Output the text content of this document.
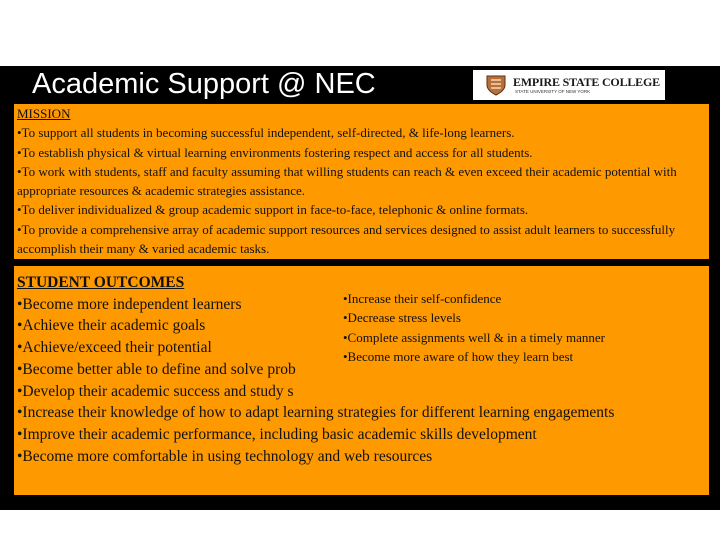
Academic Support @ NEC	EMPIRE STATE COLLEGE
STATE UNIVERSITY OF NEW YORK
MISSION
•To support all students in becoming successful independent, self-directed, & life-long learners.
•To establish physical & virtual learning environments fostering respect and access for all students.
•To work with students, staff and faculty assuming that willing students can reach & even exceed their academic potential with appropriate resources & academic strategies assistance.
•To deliver individualized & group academic support in face-to-face, telephonic & online formats.
•To provide a comprehensive array of academic support resources and services designed to assist adult learners to successfully accomplish their many & varied academic tasks.
STUDENT OUTCOMES
•Become more independent learners
•Achieve their academic goals
•Achieve/exceed their potential
•Become better able to define and solve prob
•Develop their academic success and study s
•Increase their knowledge of how to adapt learning strategies for different learning engagements
•Improve their academic performance, including basic academic skills development
•Become more comfortable in using technology and web resources
•Increase their self-confidence
•Decrease stress levels
•Complete assignments well & in a timely manner
•Become more aware of how they learn best
